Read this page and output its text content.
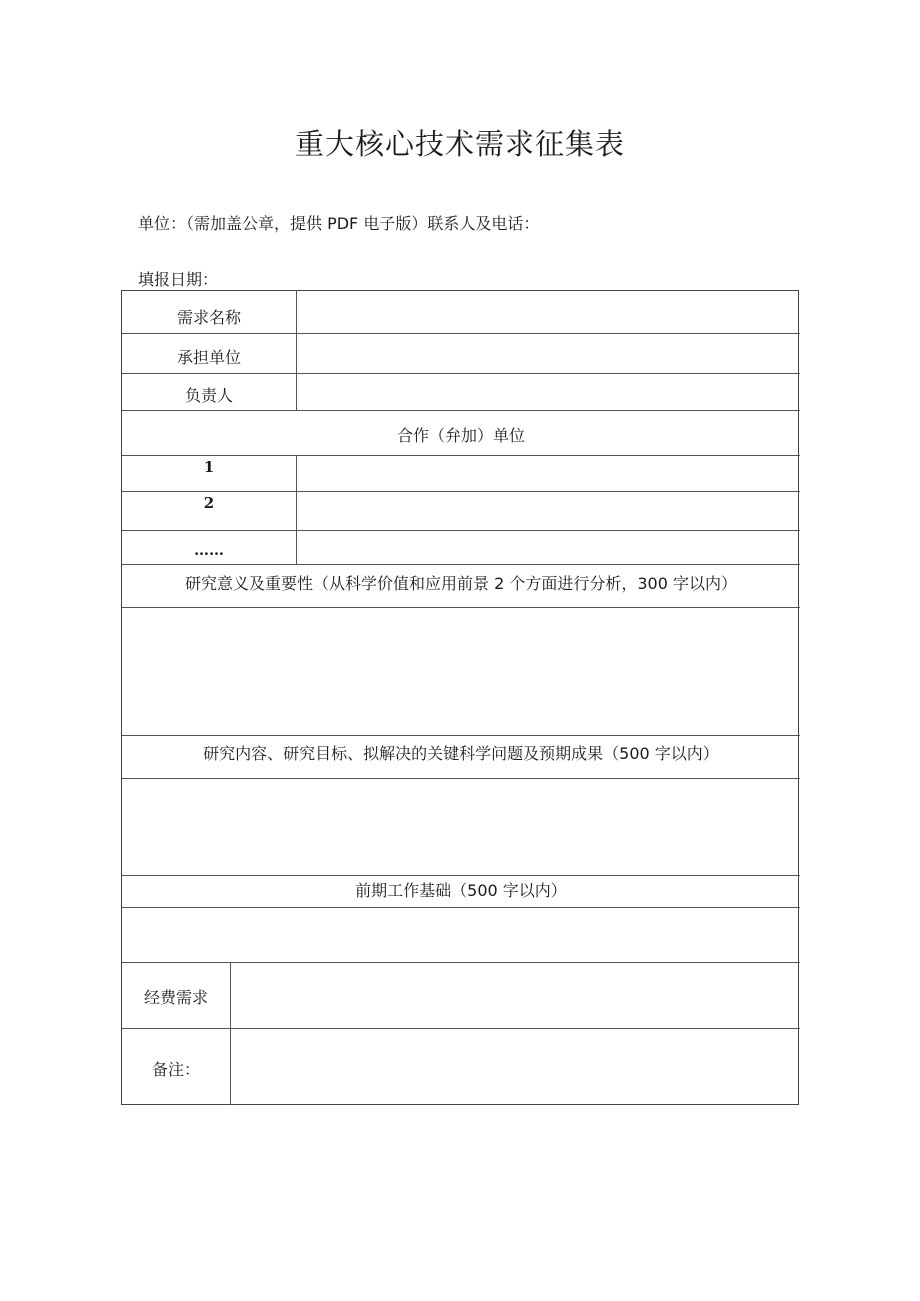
重大核心技术需求征集表
单位：（需加盖公章，提供 PDF 电子版）联系人及电话：
填报日期：
需求名称
承担单位
负责人
合作（弁加）单位
1
2
……
研究意义及重要性（从科学价值和应用前景 2 个方面进行分析，300 字以内）
研究内容、研究目标、拟解决的关键科学问题及预期成果（500 字以内）
前期工作基础（500 字以内）
经费需求
备注：
